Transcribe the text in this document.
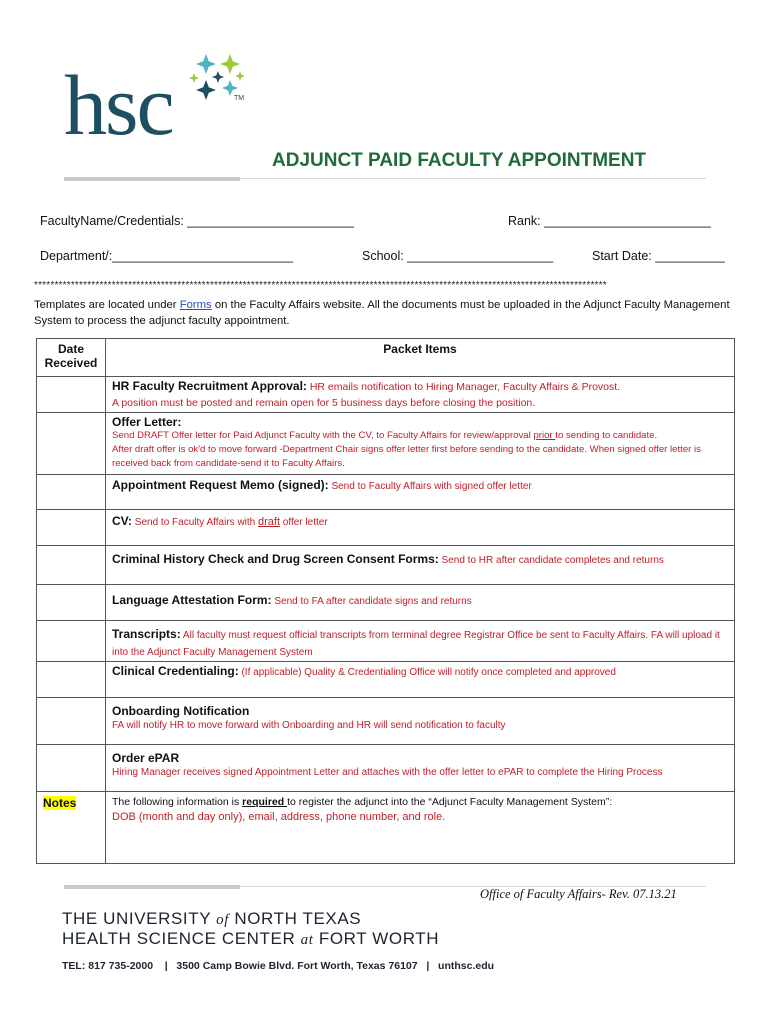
hsc	TM
ADJUNCT PAID FACULTY APPOINTMENT
FacultyName/Credentials: ________________________	Rank: ________________________
Department/:__________________________	School: _____________________	Start Date: __________
********************************************************************************************************************************************
Templates are located under Forms on the Faculty Affairs website. All the documents must be uploaded in the Adjunct Faculty Management System to process the adjunct faculty appointment.
Date Received	Packet Items
	HR Faculty Recruitment Approval: HR emails notification to Hiring Manager, Faculty Affairs & Provost.
A position must be posted and remain open for 5 business days before closing the position.

	Offer Letter:
Send DRAFT Offer letter for Paid Adjunct Faculty with the CV, to Faculty Affairs for review/approval prior to sending to candidate.
After draft offer is ok'd to move forward -Department Chair signs offer letter first before sending to the candidate. When signed offer letter is received back from candidate-send it to Faculty Affairs.

	Appointment Request Memo (signed): Send to Faculty Affairs with signed offer letter
	CV: Send to Faculty Affairs with draft offer letter
	Criminal History Check and Drug Screen Consent Forms: Send to HR after candidate completes and returns
	Language Attestation Form: Send to FA after candidate signs and returns
	Transcripts: All faculty must request official transcripts from terminal degree Registrar Office be sent to Faculty Affairs. FA will upload it into the Adjunct Faculty Management System
	Clinical Credentialing: (If applicable) Quality & Credentialing Office will notify once completed and approved

	Onboarding Notification
FA will notify HR to move forward with Onboarding and HR will send notification to faculty

	Order ePAR
Hiring Manager receives signed Appointment Letter and attaches with the offer letter to ePAR to complete the Hiring Process

Notes	The following information is required to register the adjunct into the “Adjunct Faculty Management System”:
DOB (month and day only), email, address, phone number, and role.
Office of Faculty Affairs- Rev. 07.13.21
THE UNIVERSITY of NORTH TEXAS
HEALTH SCIENCE CENTER at FORT WORTH
TEL: 817 735-2000    |   3500 Camp Bowie Blvd. Fort Worth, Texas 76107   |   unthsc.edu
